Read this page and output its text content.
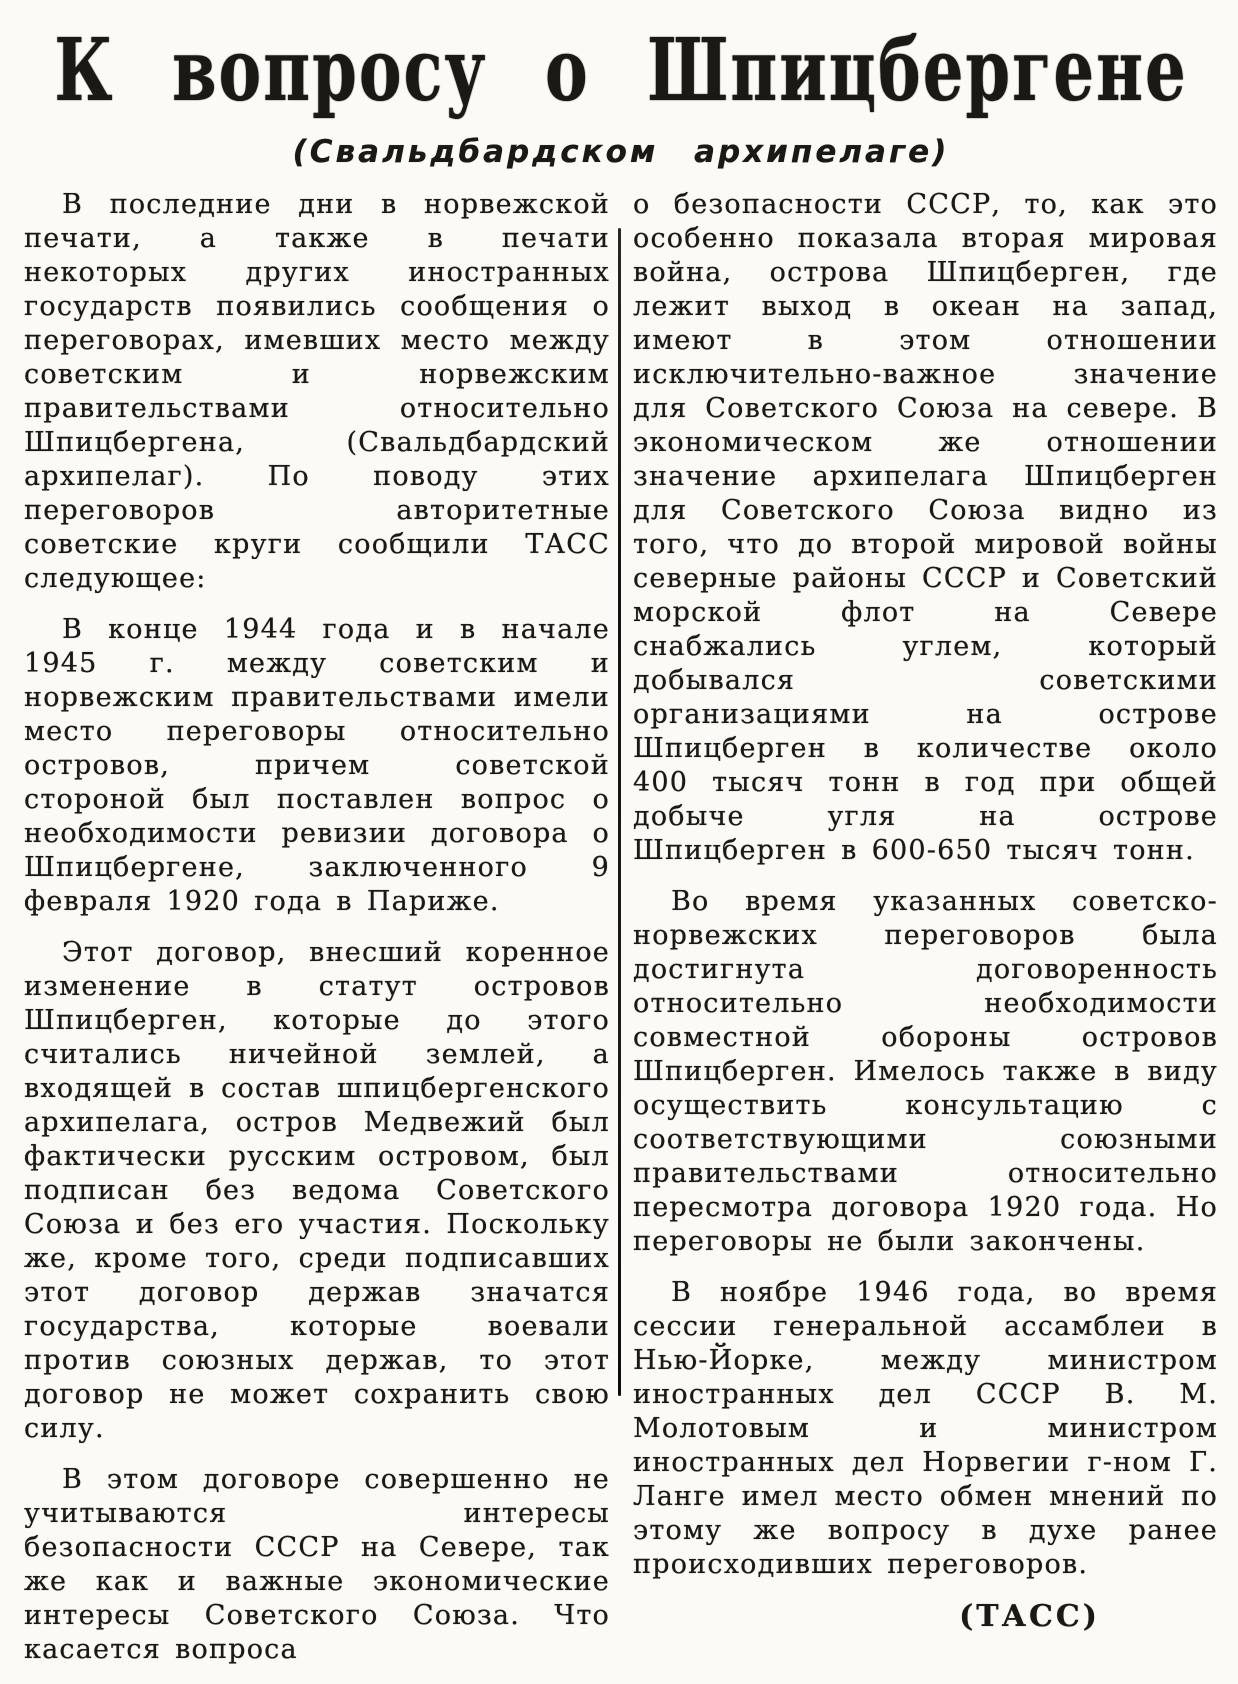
К вопросу о Шпицбергене
(Свальдбардском архипелаге)

В последние дни в норвежской печати, а также в печати некоторых других иностранных государств появились сообщения о переговорах, имевших место между советским и норвежским правительствами относительно Шпицбергена, (Свальдбардский архипелаг). По поводу этих переговоров авторитетные советские круги сообщили ТАСС следующее:

В конце 1944 года и в начале 1945 г. между советским и норвежским правительствами имели место переговоры относительно островов, причем советской стороной был поставлен вопрос о необходимости ревизии договора о Шпицбергене, заключенного 9 февраля 1920 года в Париже.

Этот договор, внесший коренное изменение в статут островов Шпицберген, которые до этого считались ничейной землей, а входящей в состав шпицбергенского архипелага, остров Медвежий был фактически русским островом, был подписан без ведома Советского Союза и без его участия. Поскольку же, кроме того, среди подписавших этот договор держав значатся государства, которые воевали против союзных держав, то этот договор не может сохранить свою силу.

В этом договоре совершенно не учитываются интересы безопасности СССР на Севере, так же как и важные экономические интересы Советского Союза. Что касается вопроса

о безопасности СССР, то, как это особенно показала вторая мировая война, острова Шпицберген, где лежит выход в океан на запад, имеют в этом отношении исключительно-важное значение для Советского Союза на севере. В экономическом же отношении значение архипелага Шпицберген для Советского Союза видно из того, что до второй мировой войны северные районы СССР и Советский морской флот на Севере снабжались углем, который добывался советскими организациями на острове Шпицберген в количестве около 400 тысяч тонн в год при общей добыче угля на острове Шпицберген в 600-650 тысяч тонн.

Во время указанных советско-норвежских переговоров была достигнута договоренность относительно необходимости совместной обороны островов Шпицберген. Имелось также в виду осуществить консультацию с соответствующими союзными правительствами относительно пересмотра договора 1920 года. Но переговоры не были закончены.

В ноябре 1946 года, во время сессии генеральной ассамблеи в Нью-Йорке, между министром иностранных дел СССР В. М. Молотовым и министром иностранных дел Норвегии г-ном Г. Ланге имел место обмен мнений по этому же вопросу в духе ранее происходивших переговоров.

(ТАСС)
